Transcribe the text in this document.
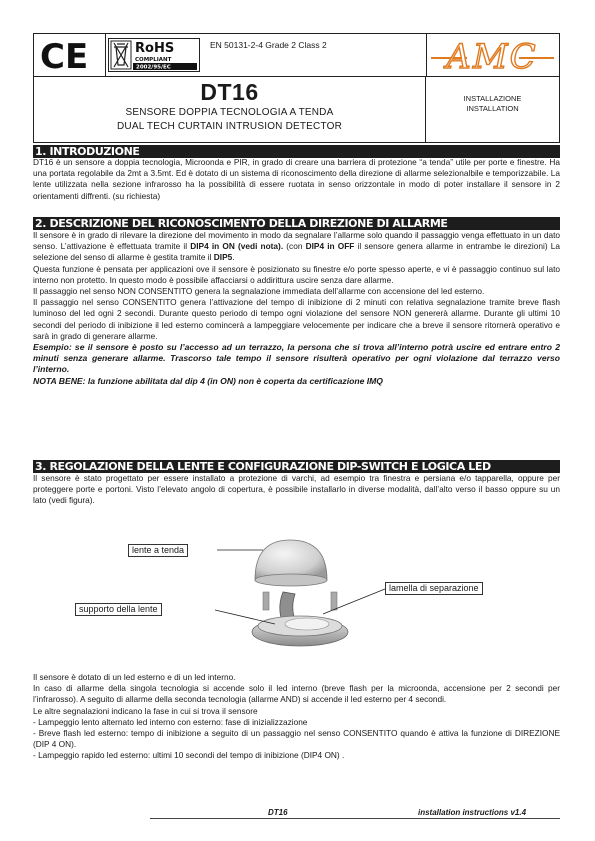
CE	RoHS
COMPLIANT
2002/95/EC
EN 50131-2-4 Grade 2 Class 2	AMC
DT16
SENSORE DOPPIA TECNOLOGIA A TENDA
DUAL TECH CURTAIN INTRUSION DETECTOR
INSTALLAZIONE
INSTALLATION
1. INTRODUZIONE

DT16 è un sensore a doppia tecnologia, Microonda e PIR, in grado di creare una barriera di protezione “a tenda” utile per porte e finestre. Ha una portata regolabile da 2mt a 3.5mt. Ed è dotato di un sistema di riconoscimento della direzione di allarme selezionalbile e temporizzabile. La lente utilizzata nella sezione infrarosso ha la possibilità di essere ruotata in senso orizzontale in modo di poter installare il sensore in 2 orientamenti diffrenti. (su richiesta)

2. DESCRIZIONE DEL RICONOSCIMENTO DELLA DIREZIONE DI ALLARME

Il sensore è in grado di rilevare la direzione del movimento in modo da segnalare l’allarme solo quando il passaggio venga effettuato in un dato senso. L’attivazione è effettuata tramite il DIP4 in ON (vedi nota). (con DIP4 in OFF il sensore genera allarme in entrambe le direzioni) La selezione del senso di allarme è gestita tramite il DIP5.

Questa funzione è pensata per applicazioni ove il sensore è posizionato su finestre e/o porte spesso aperte, e vi è passaggio continuo sul lato interno non protetto. In questo modo è possibile affacciarsi o addirittura uscire senza dare allarme.

Il passaggio nel senso NON CONSENTITO genera la segnalazione immediata dell’allarme con accensione del led esterno.

Il passaggio nel senso CONSENTITO genera l’attivazione del tempo di inibizione di 2 minuti con relativa segnalazione tramite breve flash luminoso del led ogni 2 secondi. Durante questo periodo di tempo ogni violazione del sensore NON genererà allarme. Durante gli ultimi 10 secondi del periodo di inibizione il led esterno comincerà a lampeggiare velocemente per indicare che a breve il sensore ritornerà operativo e sarà in grado di generare allarme.

Esempio: se il sensore è posto su l’accesso ad un terrazzo, la persona che si trova all’interno potrà uscire ed entrare entro 2 minuti senza generare allarme. Trascorso tale tempo il sensore risulterà operativo per ogni violazione dal terrazzo verso l’interno.

NOTA BENE: la funzione abilitata dal dip 4 (in ON) non è coperta da certificazione IMQ

3. REGOLAZIONE DELLA LENTE E CONFIGURAZIONE DIP-SWITCH E LOGICA LED

Il sensore è stato progettato per essere installato a protezione di varchi, ad esempio tra finestra e persiana e/o tapparella, oppure per proteggere porte e portoni. Visto l’elevato angolo di copertura, è possibile installarlo in diverse modalità, dall’alto verso il basso oppure su un lato (vedi figura).

lente a tenda
lamella di separazione
supporto della lente

Il sensore è dotato di un led esterno e di un led interno.

In caso di allarme della singola tecnologia si accende solo il led interno (breve flash per la microonda, accensione per 2 secondi per l’infrarosso). A seguito di allarme della seconda tecnologia (allarme AND) si accende il led esterno per 4 secondi.

Le altre segnalazioni indicano la fase in cui si trova il sensore

- Lampeggio lento alternato led interno con esterno: fase di inizializzazione

- Breve flash led esterno: tempo di inibizione a seguito di un passaggio nel senso CONSENTITO quando è attiva la funzione di DIREZIONE (DIP 4 ON).

- Lampeggio rapido led esterno: ultimi 10 secondi del tempo di inibizione (DIP4 ON) .

DT16	installation instructions v1.4
